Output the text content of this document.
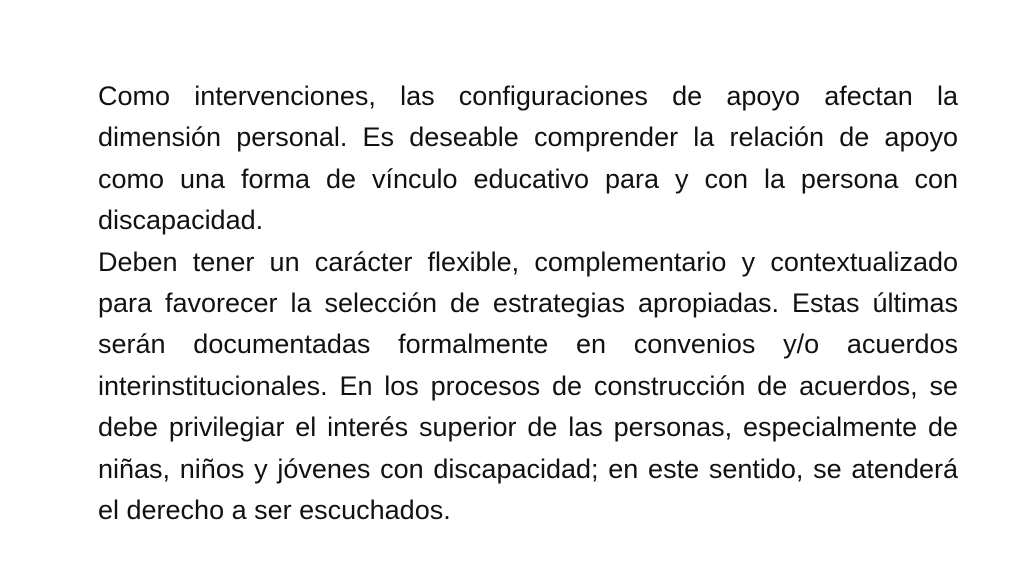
Como intervenciones, las configuraciones de apoyo afectan la dimensión personal. Es deseable comprender la relación de apoyo como una forma de vínculo educativo para y con la persona con discapacidad.

Deben tener un carácter flexible, complementario y contextualizado para favorecer la selección de estrategias apropiadas. Estas últimas serán documentadas formalmente en convenios y/o acuerdos interinstitucionales. En los procesos de construcción de acuerdos, se debe privilegiar el interés superior de las personas, especialmente de niñas, niños y jóvenes con discapacidad; en este sentido, se atenderá el derecho a ser escuchados.
